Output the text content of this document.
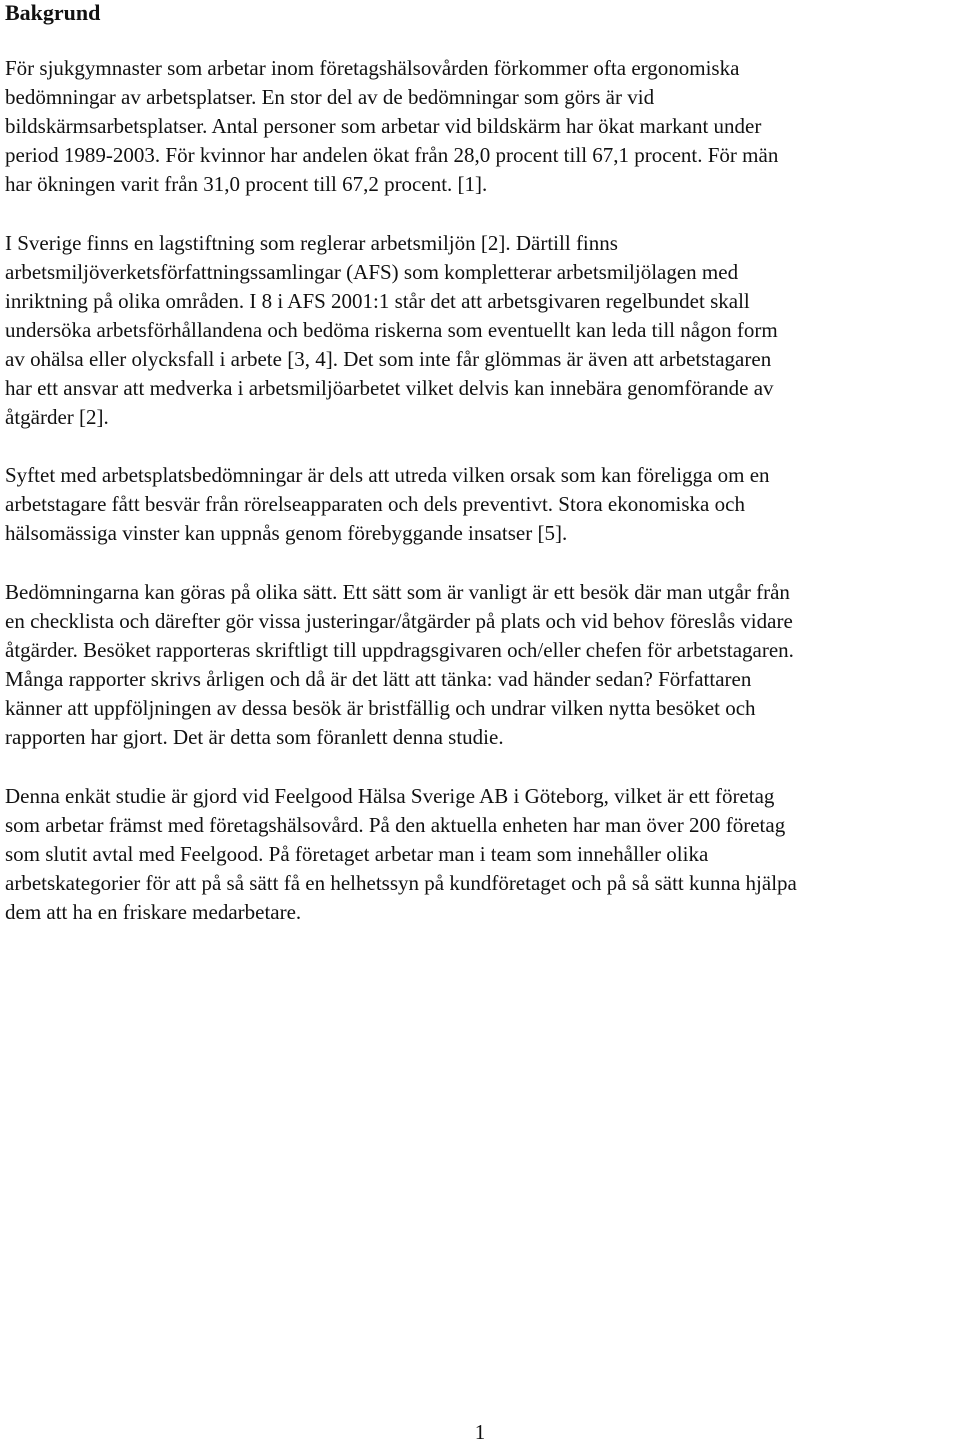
Bakgrund

För sjukgymnaster som arbetar inom företagshälsovården förkommer ofta ergonomiska
bedömningar av arbetsplatser. En stor del av de bedömningar som görs är vid
bildskärmsarbetsplatser. Antal personer som arbetar vid bildskärm har ökat markant under
period 1989-2003. För kvinnor har andelen ökat från 28,0 procent till 67,1 procent. För män
har ökningen varit från 31,0 procent till 67,2 procent. [1].

I Sverige finns en lagstiftning som reglerar arbetsmiljön [2]. Därtill finns
arbetsmiljöverketsförfattningssamlingar (AFS) som kompletterar arbetsmiljölagen med
inriktning på olika områden. I 8 i AFS 2001:1 står det att arbetsgivaren regelbundet skall
undersöka arbetsförhållandena och bedöma riskerna som eventuellt kan leda till någon form
av ohälsa eller olycksfall i arbete [3, 4]. Det som inte får glömmas är även att arbetstagaren
har ett ansvar att medverka i arbetsmiljöarbetet vilket delvis kan innebära genomförande av
åtgärder [2].

Syftet med arbetsplatsbedömningar är dels att utreda vilken orsak som kan föreligga om en
arbetstagare fått besvär från rörelseapparaten och dels preventivt. Stora ekonomiska och
hälsomässiga vinster kan uppnås genom förebyggande insatser [5].

Bedömningarna kan göras på olika sätt. Ett sätt som är vanligt är ett besök där man utgår från
en checklista och därefter gör vissa justeringar/åtgärder på plats och vid behov föreslås vidare
åtgärder. Besöket rapporteras skriftligt till uppdragsgivaren och/eller chefen för arbetstagaren.
Många rapporter skrivs årligen och då är det lätt att tänka: vad händer sedan? Författaren
känner att uppföljningen av dessa besök är bristfällig och undrar vilken nytta besöket och
rapporten har gjort. Det är detta som föranlett denna studie.

Denna enkät studie är gjord vid Feelgood Hälsa Sverige AB i Göteborg, vilket är ett företag
som arbetar främst med företagshälsovård. På den aktuella enheten har man över 200 företag
som slutit avtal med Feelgood. På företaget arbetar man i team som innehåller olika
arbetskategorier för att på så sätt få en helhetssyn på kundföretaget och på så sätt kunna hjälpa
dem att ha en friskare medarbetare.

1
